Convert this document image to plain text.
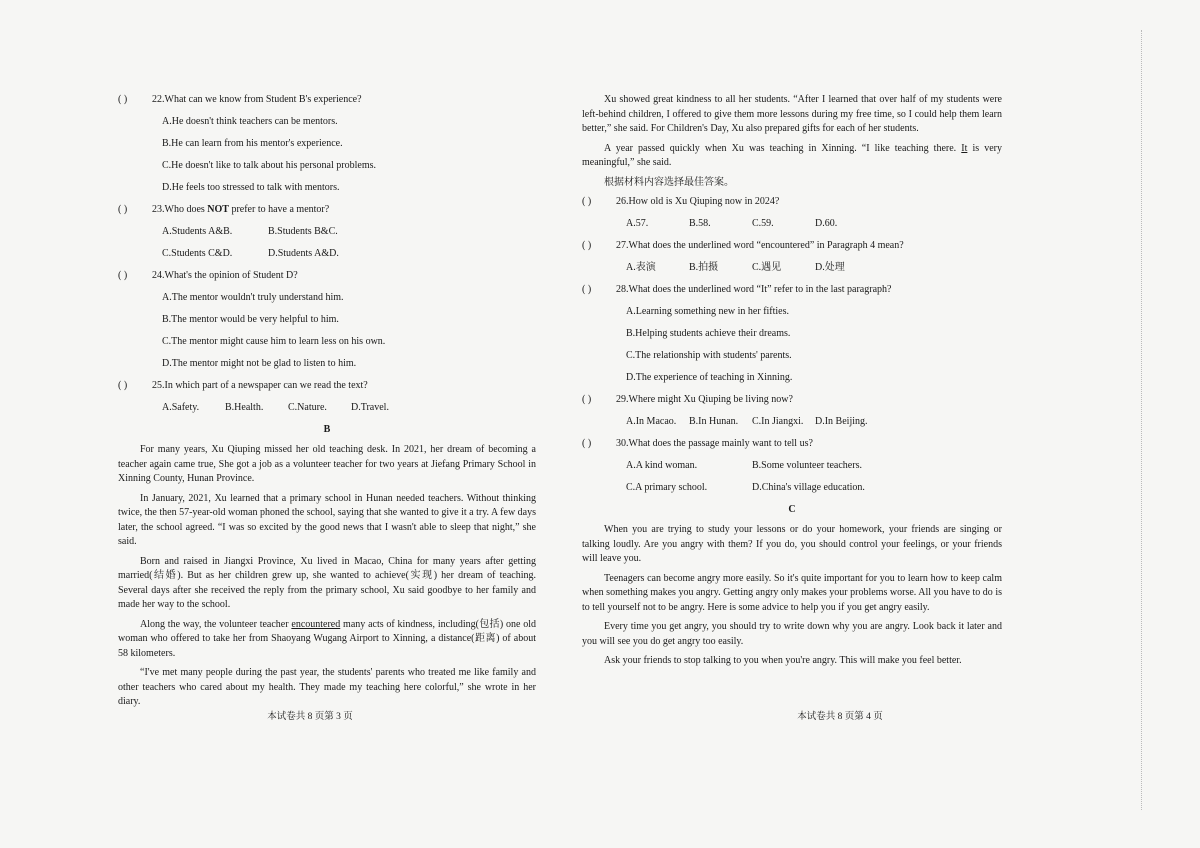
( ) 22.What can we know from Student B's experience?
A.He doesn't think teachers can be mentors.
B.He can learn from his mentor's experience.
C.He doesn't like to talk about his personal problems.
D.He feels too stressed to talk with mentors.
( ) 23.Who does NOT prefer to have a mentor?
A.Students A&B.	B.Students B&C.
C.Students C&D.	D.Students A&D.
( ) 24.What's the opinion of Student D?
A.The mentor wouldn't truly understand him.
B.The mentor would be very helpful to him.
C.The mentor might cause him to learn less on his own.
D.The mentor might not be glad to listen to him.
( ) 25.In which part of a newspaper can we read the text?
A.Safety.	B.Health. C.Nature. D.Travel.
B

For many years, Xu Qiuping missed her old teaching desk. In 2021, her dream of becoming a teacher again came true, She got a job as a volunteer teacher for two years at Jiefang Primary School in Xinning County, Hunan Province.

In January, 2021, Xu learned that a primary school in Hunan needed teachers. Without thinking twice, the then 57-year-old woman phoned the school, saying that she wanted to give it a try. A few days later, the school agreed. “I was so excited by the good news that I wasn't able to sleep that night,” she said.

Born and raised in Jiangxi Province, Xu lived in Macao, China for many years after getting married(结婚). But as her children grew up, she wanted to achieve(实现) her dream of teaching. Several days after she received the reply from the primary school, Xu said goodbye to her family and made her way to the school.

Along the way, the volunteer teacher encountered many acts of kindness, including(包括) one old woman who offered to take her from Shaoyang Wugang Airport to Xinning, a distance(距离) of about 58 kilometers.

“I've met many people during the past year, the students' parents who treated me like family and other teachers who cared about my health. They made my teaching here colorful,” she wrote in her diary.

本试卷共 8 页第 3 页

Xu showed great kindness to all her students. “After I learned that over half of my students were left-behind children, I offered to give them more lessons during my free time, so I could help them learn better,” she said. For Children's Day, Xu also prepared gifts for each of her students.

A year passed quickly when Xu was teaching in Xinning. “I like teaching there. It is very meaningful,” she said.

根据材料内容选择最佳答案。

( ) 26.How old is Xu Qiuping now in 2024?
A.57.	B.58.	C.59.	D.60.
( ) 27.What does the underlined word “encountered” in Paragraph 4 mean?
A.表演	B.拍摄	C.遇见	D.处理
( ) 28.What does the underlined word “It” refer to in the last paragraph?
A.Learning something new in her fifties.
B.Helping students achieve their dreams.
C.The relationship with students' parents.
D.The experience of teaching in Xinning.
( ) 29.Where might Xu Qiuping be living now?
A.In Macao. B.In Hunan. C.In Jiangxi. D.In Beijing.
( ) 30.What does the passage mainly want to tell us?
A.A kind woman.	B.Some volunteer teachers.
C.A primary school.	D.China's village education.
C

When you are trying to study your lessons or do your homework, your friends are singing or talking loudly. Are you angry with them? If you do, you should control your feelings, or your friends will leave you.

Teenagers can become angry more easily. So it's quite important for you to learn how to keep calm when something makes you angry. Getting angry only makes your problems worse. All you have to do is to tell yourself not to be angry. Here is some advice to help you if you get angry easily.

Every time you get angry, you should try to write down why you are angry. Look back it later and you will see you do get angry too easily.

Ask your friends to stop talking to you when you're angry. This will make you feel better.

本试卷共 8 页第 4 页
